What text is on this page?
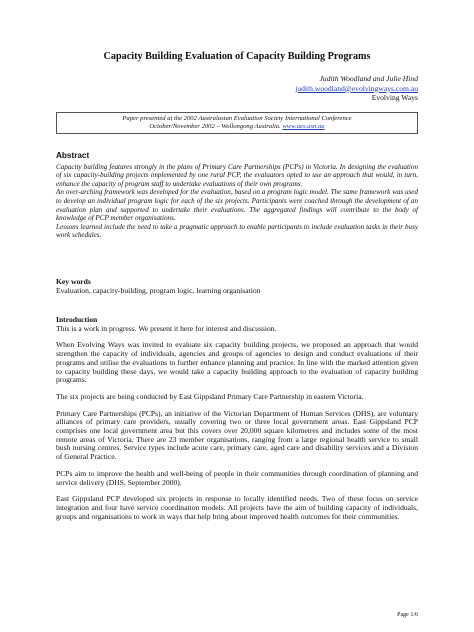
Capacity Building Evaluation of Capacity Building Programs
Judith Woodland and Julie Hind
judith.woodland@evolvingways.com.au
Evolving Ways
Paper presented at the 2002 Australasian Evaluation Society International Conference
October/November 2002 – Wollongong Australia. www.aes.asn.au
Abstract

Capacity building features strongly in the plans of Primary Care Partnerships (PCPs) in Victoria. In designing the evaluation of six capacity-building projects implemented by one rural PCP, the evaluators opted to use an approach that would, in turn, enhance the capacity of program staff to undertake evaluations of their own programs.

An over-arching framework was developed for the evaluation, based on a program logic model. The same framework was used to develop an individual program logic for each of the six projects. Participants were coached through the development of an evaluation plan and supported to undertake their evaluations. The aggregated findings will contribute to the body of knowledge of PCP member organisations.

Lessons learned include the need to take a pragmatic approach to enable participants to include evaluation tasks in their busy work schedules.

Key words
Evaluation, capacity-building, program logic, learning organisation
Introduction

This is a work in progress. We present it here for interest and discussion.

When Evolving Ways was invited to evaluate six capacity building projects, we proposed an approach that would strengthen the capacity of individuals, agencies and groups of agencies to design and conduct evaluations of their programs and utilise the evaluations to further enhance planning and practice. In line with the marked attention given to capacity building these days, we would take a capacity building approach to the evaluation of capacity building programs.

The six projects are being conducted by East Gippsland Primary Care Partnership in eastern Victoria.

Primary Care Partnerships (PCPs), an initiative of the Victorian Department of Human Services (DHS), are voluntary alliances of primary care providers, usually covering two or three local government areas. East Gippsland PCP comprises one local government area but this covers over 20,000 square kilometres and includes some of the most remote areas of Victoria. There are 23 member organisations, ranging from a large regional health service to small bush nursing centres. Service types include acute care, primary care, aged care and disability services and a Division of General Practice.

PCPs aim to improve the health and well-being of people in their communities through coordination of planning and service delivery (DHS, September 2000).

East Gippsland PCP developed six projects in response to locally identified needs. Two of these focus on service integration and four have service coordination models. All projects have the aim of building capacity of individuals, groups and organisations to work in ways that help bring about improved health outcomes for their communities.

Page 1/6
